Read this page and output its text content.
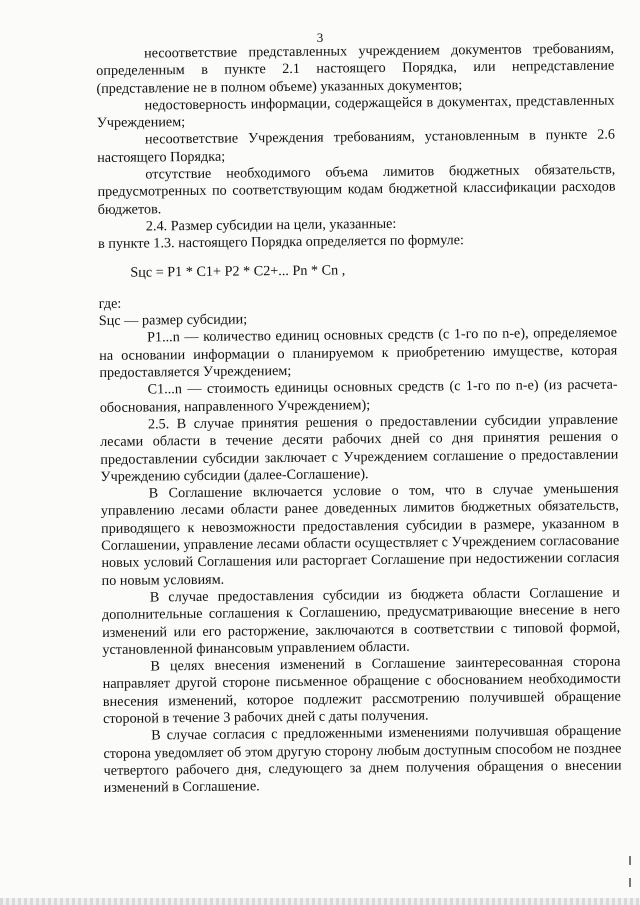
3

несоответствие представленных учреждением документов требованиям, определенным в пункте 2.1 настоящего Порядка, или непредставление (представление не в полном объеме) указанных документов;

недостоверность информации, содержащейся в документах, представленных Учреждением;

несоответствие Учреждения требованиям, установленным в пункте 2.6 настоящего Порядка;

отсутствие необходимого объема лимитов бюджетных обязательств, предусмотренных по соответствующим кодам бюджетной классификации расходов бюджетов.

2.4. Размер субсидии на цели, указанные:

в пункте 1.3. настоящего Порядка определяется по формуле:

Sцс = P1 * C1+ P2 * C2+... Pn * Cn ,

где:

Sцс — размер субсидии;

P1...n — количество единиц основных средств (с 1-го по n-е), определяемое на основании информации о планируемом к приобретению имуществе, которая предоставляется Учреждением;

C1...n — стоимость единицы основных средств (с 1-го по n-е) (из расчета-обоснования, направленного Учреждением);

2.5. В случае принятия решения о предоставлении субсидии управление лесами области в течение десяти рабочих дней со дня принятия решения о предоставлении субсидии заключает с Учреждением соглашение о предоставлении Учреждению субсидии (далее-Соглашение).

В Соглашение включается условие о том, что в случае уменьшения управлению лесами области ранее доведенных лимитов бюджетных обязательств, приводящего к невозможности предоставления субсидии в размере, указанном в Соглашении, управление лесами области осуществляет с Учреждением согласование новых условий Соглашения или расторгает Соглашение при недостижении согласия по новым условиям.

В случае предоставления субсидии из бюджета области Соглашение и дополнительные соглашения к Соглашению, предусматривающие внесение в него изменений или его расторжение, заключаются в соответствии с типовой формой, установленной финансовым управлением области.

В целях внесения изменений в Соглашение заинтересованная сторона направляет другой стороне письменное обращение с обоснованием необходимости внесения изменений, которое подлежит рассмотрению получившей обращение стороной в течение 3 рабочих дней с даты получения.

В случае согласия с предложенными изменениями получившая обращение сторона уведомляет об этом другую сторону любым доступным способом не позднее четвертого рабочего дня, следующего за днем получения обращения о внесении изменений в Соглашение.
